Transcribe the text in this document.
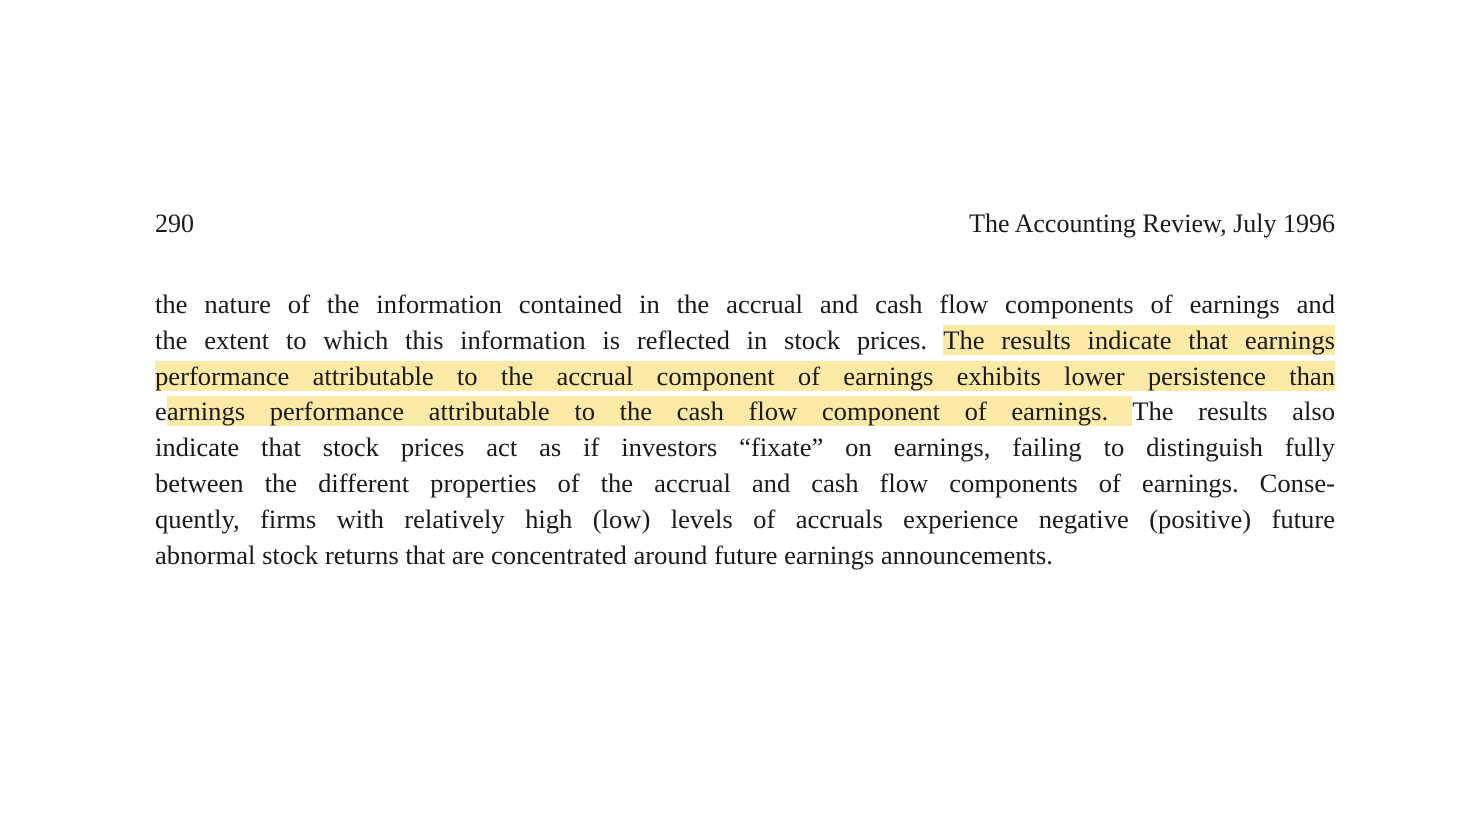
290	The Accounting Review, July 1996
the nature of the information contained in the accrual and cash flow components of earnings and
the extent to which this information is reflected in stock prices. The results indicate that earnings
performance attributable to the accrual component of earnings exhibits lower persistence than
earnings performance attributable to the cash flow component of earnings. The results also
indicate that stock prices act as if investors “fixate” on earnings, failing to distinguish fully
between the different properties of the accrual and cash flow components of earnings. Conse-
quently, firms with relatively high (low) levels of accruals experience negative (positive) future
abnormal stock returns that are concentrated around future earnings announcements.
